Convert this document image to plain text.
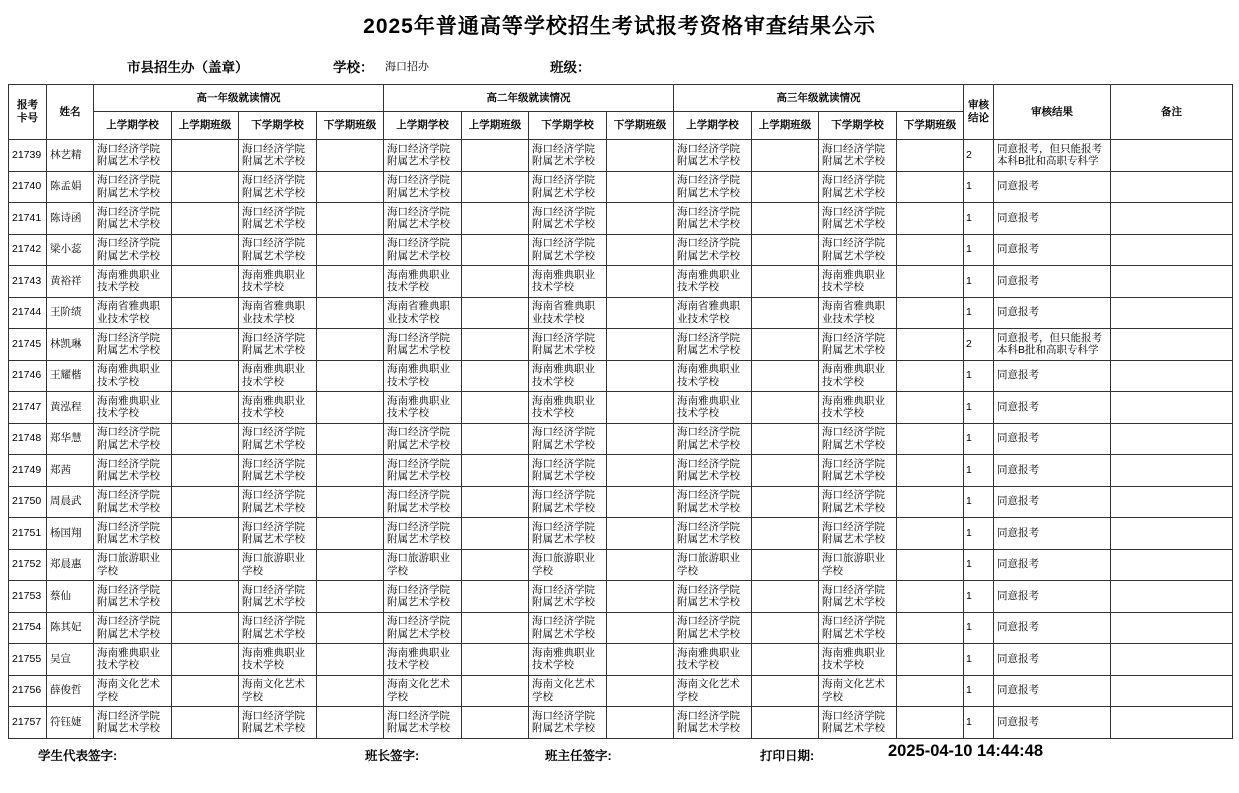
2025年普通高等学校招生考试报考资格审查结果公示
市县招生办（盖章）	学校： 海口招办	班级：
报考卡号	姓名	高一年级就读情况				高二年级就读情况				高三年级就读情况				审核结论	审核结果	备注
		上学期学校	上学期班级	下学期学校	下学期班级	上学期学校	上学期班级	下学期学校	下学期班级	上学期学校	上学期班级	下学期学校	下学期班级			
21739	林艺精	海口经济学院附属艺术学校		海口经济学院附属艺术学校		海口经济学院附属艺术学校		海口经济学院附属艺术学校		海口经济学院附属艺术学校		海口经济学院附属艺术学校		2	同意报考，但只能报考本科B批和高职专科学	
21740	陈孟娟	海口经济学院附属艺术学校		海口经济学院附属艺术学校		海口经济学院附属艺术学校		海口经济学院附属艺术学校		海口经济学院附属艺术学校		海口经济学院附属艺术学校		1	同意报考	
21741	陈诗函	海口经济学院附属艺术学校		海口经济学院附属艺术学校		海口经济学院附属艺术学校		海口经济学院附属艺术学校		海口经济学院附属艺术学校		海口经济学院附属艺术学校		1	同意报考	
21742	梁小蕊	海口经济学院附属艺术学校		海口经济学院附属艺术学校		海口经济学院附属艺术学校		海口经济学院附属艺术学校		海口经济学院附属艺术学校		海口经济学院附属艺术学校		1	同意报考	
21743	黄裕祥	海南雅典职业技术学校		海南雅典职业技术学校		海南雅典职业技术学校		海南雅典职业技术学校		海南雅典职业技术学校		海南雅典职业技术学校		1	同意报考	
21744	王阶绩	海南省雅典职业技术学校		海南省雅典职业技术学校		海南省雅典职业技术学校		海南省雅典职业技术学校		海南省雅典职业技术学校		海南省雅典职业技术学校		1	同意报考	
21745	林凯琳	海口经济学院附属艺术学校		海口经济学院附属艺术学校		海口经济学院附属艺术学校		海口经济学院附属艺术学校		海口经济学院附属艺术学校		海口经济学院附属艺术学校		2	同意报考，但只能报考本科B批和高职专科学	
21746	王耀楷	海南雅典职业技术学校		海南雅典职业技术学校		海南雅典职业技术学校		海南雅典职业技术学校		海南雅典职业技术学校		海南雅典职业技术学校		1	同意报考	
21747	黄泓程	海南雅典职业技术学校		海南雅典职业技术学校		海南雅典职业技术学校		海南雅典职业技术学校		海南雅典职业技术学校		海南雅典职业技术学校		1	同意报考	
21748	郑华慧	海口经济学院附属艺术学校		海口经济学院附属艺术学校		海口经济学院附属艺术学校		海口经济学院附属艺术学校		海口经济学院附属艺术学校		海口经济学院附属艺术学校		1	同意报考	
21749	郑茜	海口经济学院附属艺术学校		海口经济学院附属艺术学校		海口经济学院附属艺术学校		海口经济学院附属艺术学校		海口经济学院附属艺术学校		海口经济学院附属艺术学校		1	同意报考	
21750	周晨武	海口经济学院附属艺术学校		海口经济学院附属艺术学校		海口经济学院附属艺术学校		海口经济学院附属艺术学校		海口经济学院附属艺术学校		海口经济学院附属艺术学校		1	同意报考	
21751	杨国翔	海口经济学院附属艺术学校		海口经济学院附属艺术学校		海口经济学院附属艺术学校		海口经济学院附属艺术学校		海口经济学院附属艺术学校		海口经济学院附属艺术学校		1	同意报考	
21752	郑晨惠	海口旅游职业学校		海口旅游职业学校		海口旅游职业学校		海口旅游职业学校		海口旅游职业学校		海口旅游职业学校		1	同意报考	
21753	蔡仙	海口经济学院附属艺术学校		海口经济学院附属艺术学校		海口经济学院附属艺术学校		海口经济学院附属艺术学校		海口经济学院附属艺术学校		海口经济学院附属艺术学校		1	同意报考	
21754	陈其妃	海口经济学院附属艺术学校		海口经济学院附属艺术学校		海口经济学院附属艺术学校		海口经济学院附属艺术学校		海口经济学院附属艺术学校		海口经济学院附属艺术学校		1	同意报考	
21755	吴宣	海南雅典职业技术学校		海南雅典职业技术学校		海南雅典职业技术学校		海南雅典职业技术学校		海南雅典职业技术学校		海南雅典职业技术学校		1	同意报考	
21756	薛俊哲	海南文化艺术学校		海南文化艺术学校		海南文化艺术学校		海南文化艺术学校		海南文化艺术学校		海南文化艺术学校		1	同意报考	
21757	符钰婕	海口经济学院附属艺术学校		海口经济学院附属艺术学校		海口经济学院附属艺术学校		海口经济学院附属艺术学校		海口经济学院附属艺术学校		海口经济学院附属艺术学校		1	同意报考	
学生代表签字:	班长签字:	班主任签字:	打印日期:	2025-04-10 14:44:48
